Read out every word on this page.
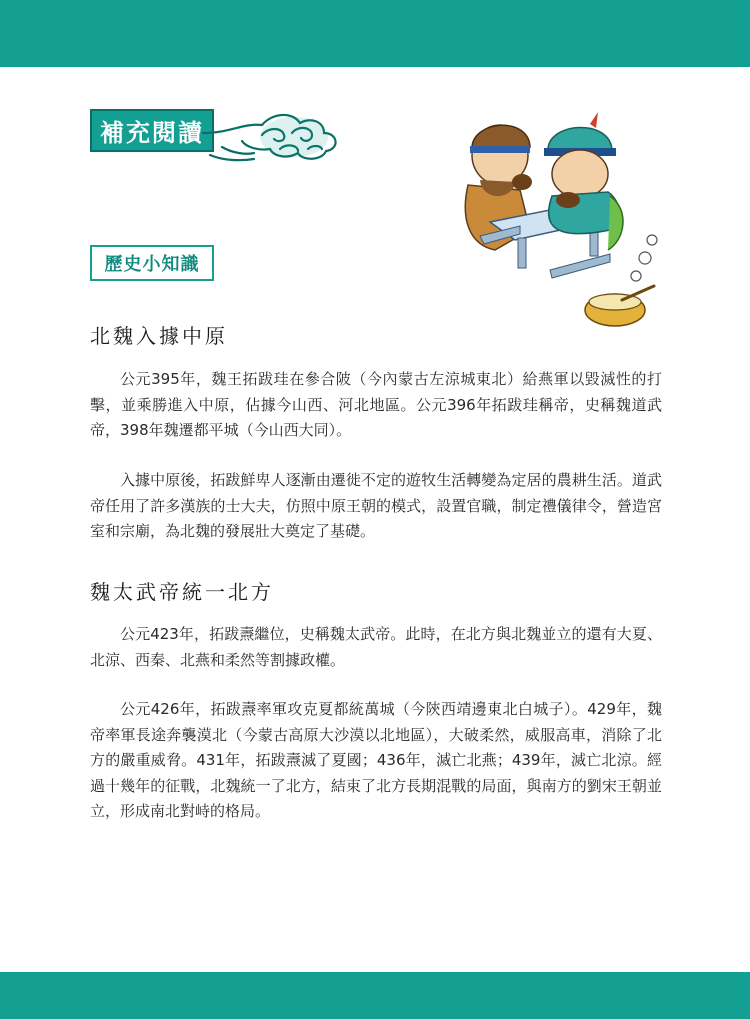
補充閱讀
歷史小知識
北魏入據中原

公元395年，魏王拓跋珪在參合陂（今內蒙古左涼城東北）給燕軍以毀滅性的打擊，並乘勝進入中原，佔據今山西、河北地區。公元396年拓跋珪稱帝，史稱魏道武帝，398年魏遷都平城（今山西大同）。

入據中原後，拓跋鮮卑人逐漸由遷徙不定的遊牧生活轉變為定居的農耕生活。道武帝任用了許多漢族的士大夫，仿照中原王朝的模式，設置官職，制定禮儀律令，營造宮室和宗廟，為北魏的發展壯大奠定了基礎。

魏太武帝統一北方

公元423年，拓跋燾繼位，史稱魏太武帝。此時，在北方與北魏並立的還有大夏、北涼、西秦、北燕和柔然等割據政權。

公元426年，拓跋燾率軍攻克夏都統萬城（今陝西靖邊東北白城子）。429年，魏帝率軍長途奔襲漠北（今蒙古高原大沙漠以北地區），大破柔然，威服高車，消除了北方的嚴重威脅。431年，拓跋燾滅了夏國；436年，滅亡北燕；439年，滅亡北涼。經過十幾年的征戰，北魏統一了北方，結束了北方長期混戰的局面，與南方的劉宋王朝並立，形成南北對峙的格局。
